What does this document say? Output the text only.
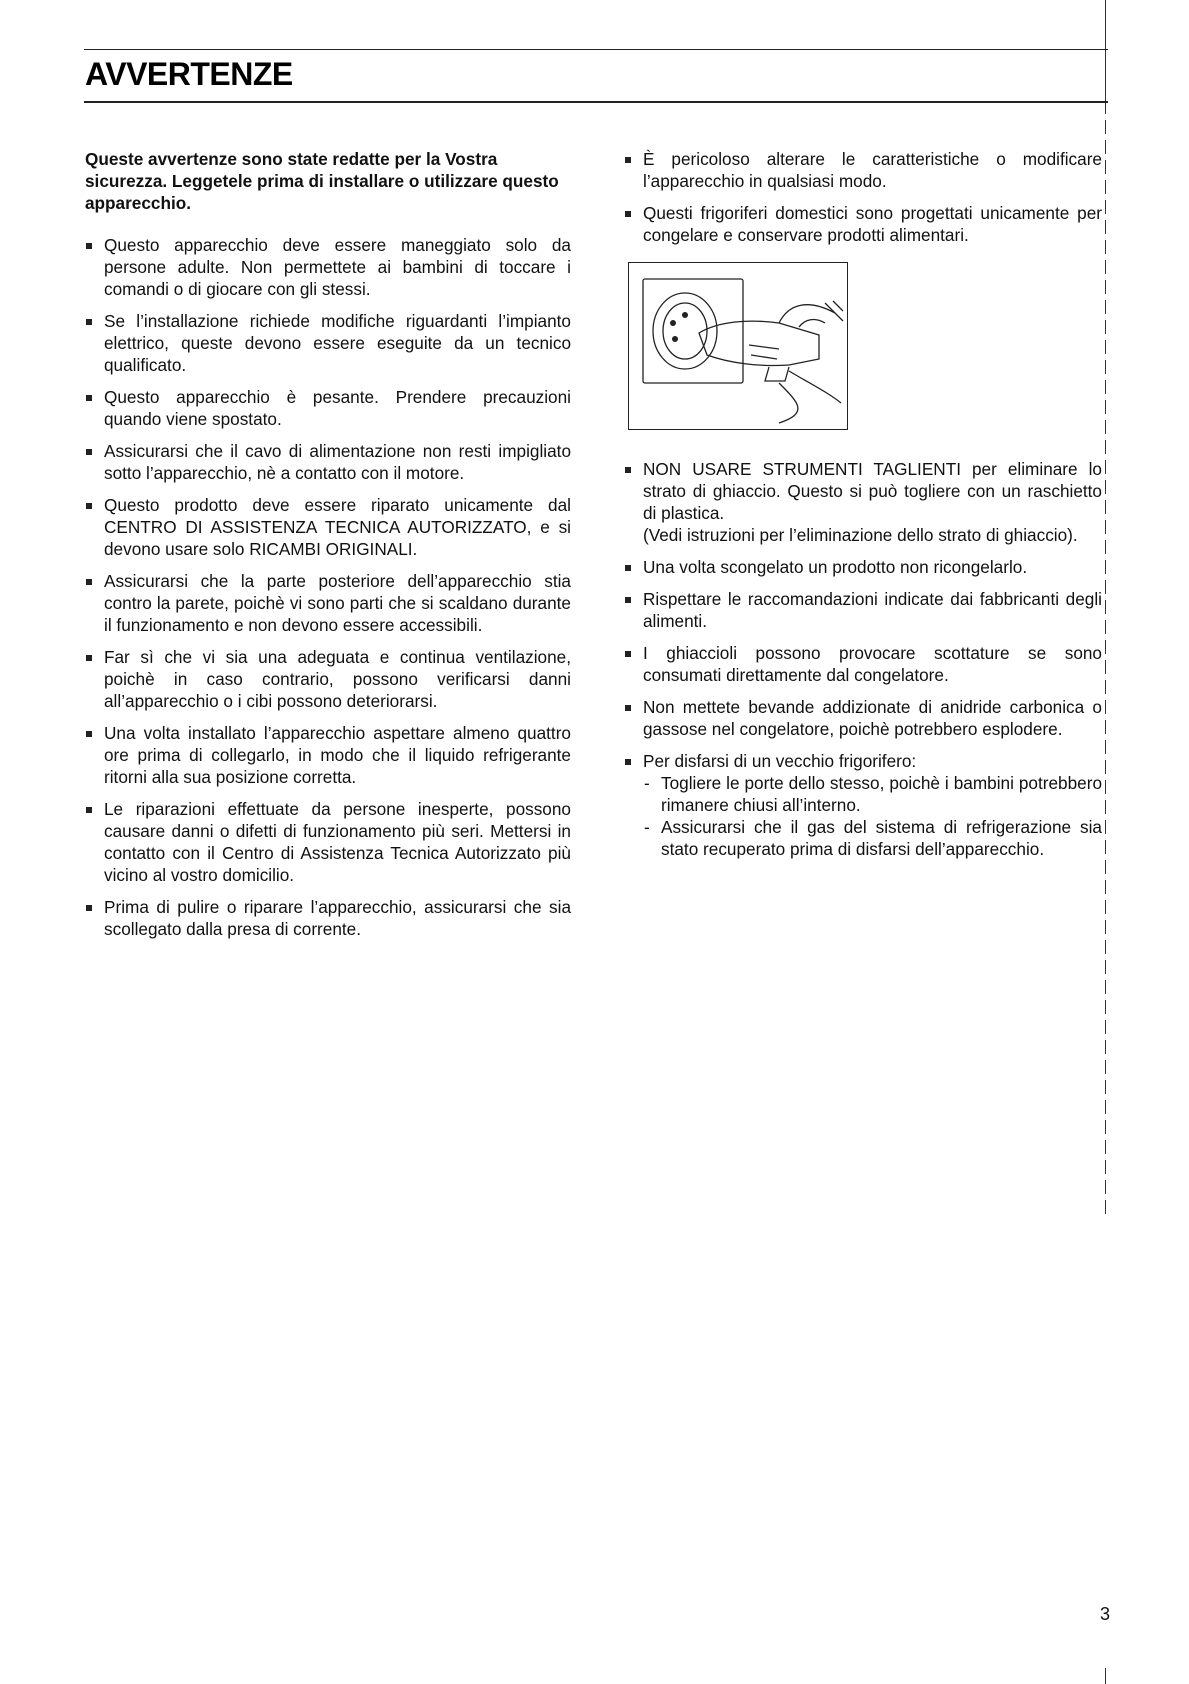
AVVERTENZE

Queste avvertenze sono state redatte per la Vostra sicurezza. Leggetele prima di installare o utilizzare questo apparecchio.

Questo apparecchio deve essere maneggiato solo da persone adulte. Non permettete ai bambini di toccare i comandi o di giocare con gli stessi.
Se l’installazione richiede modifiche riguardanti l’impianto elettrico, queste devono essere eseguite da un tecnico qualificato.
Questo apparecchio è pesante. Prendere precauzioni quando viene spostato.
Assicurarsi che il cavo di alimentazione non resti impigliato sotto l’apparecchio, nè a contatto con il motore.
Questo prodotto deve essere riparato unicamente dal CENTRO DI ASSISTENZA TECNICA AUTORIZZATO, e si devono usare solo RICAMBI ORIGINALI.
Assicurarsi che la parte posteriore dell’apparecchio stia contro la parete, poichè vi sono parti che si scaldano durante il funzionamento e non devono essere accessibili.
Far sì che vi sia una adeguata e continua ventilazione, poichè in caso contrario, possono verificarsi danni all’apparecchio o i cibi possono deteriorarsi.
Una volta installato l’apparecchio aspettare almeno quattro ore prima di collegarlo, in modo che il liquido refrigerante ritorni alla sua posizione corretta.
Le riparazioni effettuate da persone inesperte, possono causare danni o difetti di funzionamento più seri. Mettersi in contatto con il Centro di Assistenza Tecnica Autorizzato più vicino al vostro domicilio.
Prima di pulire o riparare l’apparecchio, assicurarsi che sia scollegato dalla presa di corrente.
È pericoloso alterare le caratteristiche o modificare l’apparecchio in qualsiasi modo.
Questi frigoriferi domestici sono progettati unicamente per congelare e conservare prodotti alimentari.
NON USARE STRUMENTI TAGLIENTI per eliminare lo strato di ghiaccio. Questo si può togliere con un raschietto di plastica.
(Vedi istruzioni per l’eliminazione dello strato di ghiaccio).
Una volta scongelato un prodotto non ricongelarlo.
Rispettare le raccomandazioni indicate dai fabbricanti degli alimenti.
I ghiaccioli possono provocare scottature se sono consumati direttamente dal congelatore.
Non mettete bevande addizionate di anidride carbonica o gassose nel congelatore, poichè potrebbero esplodere.
Per disfarsi di un vecchio frigorifero:
- Togliere le porte dello stesso, poichè i bambini potrebbero rimanere chiusi all’interno.
- Assicurarsi che il gas del sistema di refrigerazione sia stato recuperato prima di disfarsi dell’apparecchio.
3
